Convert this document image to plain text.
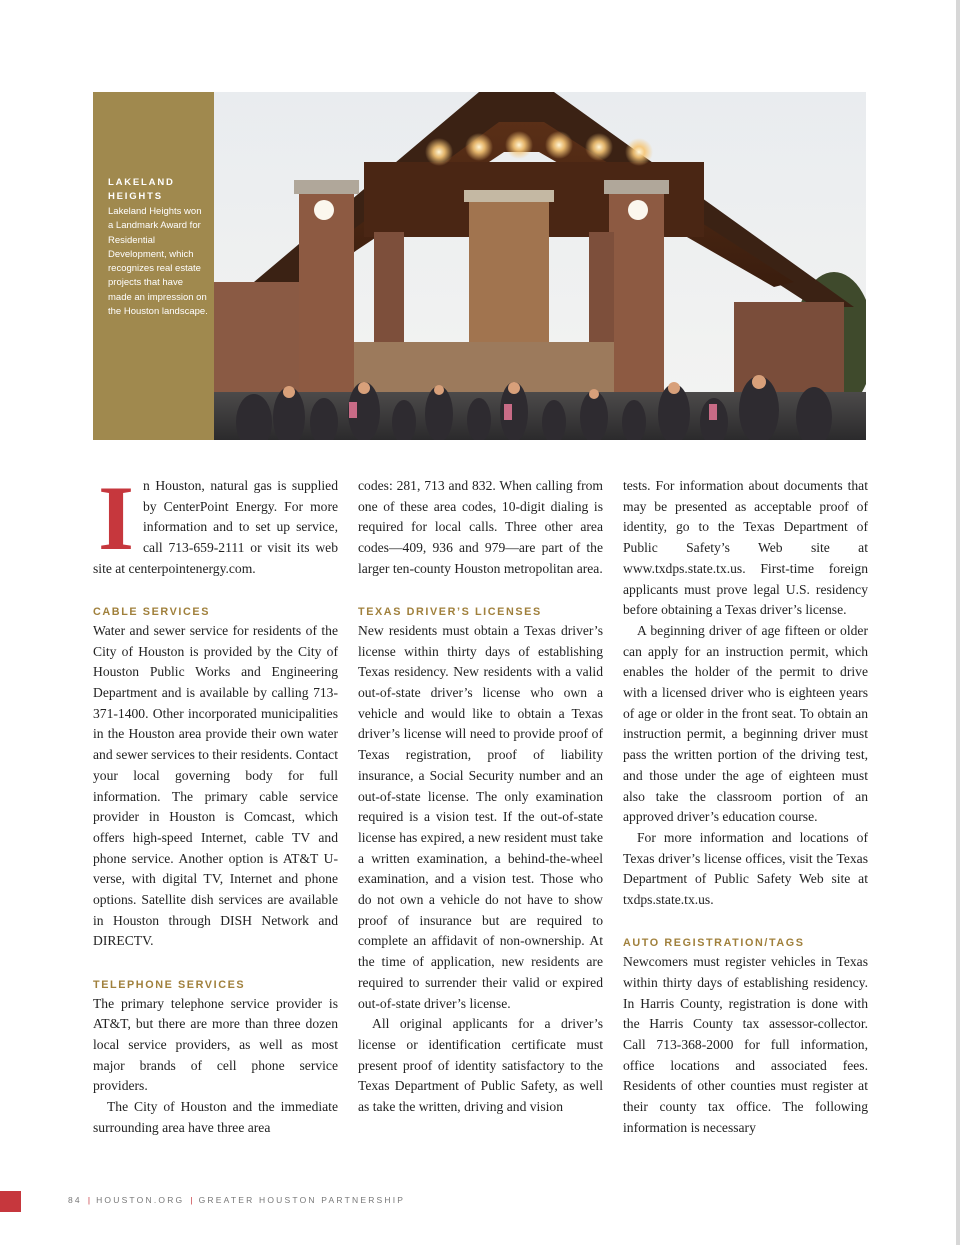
LAKELAND HEIGHTS

Lakeland Heights won a Landmark Award for Residential Development, which recognizes real estate projects that have made an impression on the Houston landscape.

I n Houston, natural gas is supplied by CenterPoint Energy. For more information and to set up service, call 713-659-2111 or visit its web site at centerpointenergy.com.

CABLE SERVICES

Water and sewer service for residents of the City of Houston is provided by the City of Houston Public Works and Engineering Department and is available by calling 713-371-1400. Other incorporated municipalities in the Houston area provide their own water and sewer services to their residents. Contact your local governing body for full information. The primary cable service provider in Houston is Comcast, which offers high-speed Internet, cable TV and phone service. Another option is AT&T U-verse, with digital TV, Internet and phone options. Satellite dish services are available in Houston through DISH Network and DIRECTV.

TELEPHONE SERVICES

The primary telephone service provider is AT&T, but there are more than three dozen local service providers, as well as most major brands of cell phone service providers.

The City of Houston and the immediate surrounding area have three area

codes: 281, 713 and 832. When calling from one of these area codes, 10-digit dialing is required for local calls. Three other area codes—409, 936 and 979—are part of the larger ten-county Houston metropolitan area.

TEXAS DRIVER’S LICENSES

New residents must obtain a Texas driver’s license within thirty days of establishing Texas residency. New residents with a valid out-of-state driver’s license who own a vehicle and would like to obtain a Texas driver’s license will need to provide proof of Texas registration, proof of liability insurance, a Social Security number and an out-of-state license. The only examination required is a vision test. If the out-of-state license has expired, a new resident must take a written examination, a behind-the-wheel examination, and a vision test. Those who do not own a vehicle do not have to show proof of insurance but are required to complete an affidavit of non-ownership. At the time of application, new residents are required to surrender their valid or expired out-of-state driver’s license.

All original applicants for a driver’s license or identification certificate must present proof of identity satisfactory to the Texas Department of Public Safety, as well as take the written, driving and vision

tests. For information about documents that may be presented as acceptable proof of identity, go to the Texas Department of Public Safety’s Web site at www.txdps.state.tx.us. First-time foreign applicants must prove legal U.S. residency before obtaining a Texas driver’s license.

A beginning driver of age fifteen or older can apply for an instruction permit, which enables the holder of the permit to drive with a licensed driver who is eighteen years of age or older in the front seat. To obtain an instruction permit, a beginning driver must pass the written portion of the driving test, and those under the age of eighteen must also take the classroom portion of an approved driver’s education course.

For more information and locations of Texas driver’s license offices, visit the Texas Department of Public Safety Web site at txdps.state.tx.us.

AUTO REGISTRATION/TAGS

Newcomers must register vehicles in Texas within thirty days of establishing residency. In Harris County, registration is done with the Harris County tax assessor-collector. Call 713-368-2000 for full information, office locations and associated fees. Residents of other counties must register at their county tax office. The following information is necessary

84 | HOUSTON.ORG | GREATER HOUSTON PARTNERSHIP
